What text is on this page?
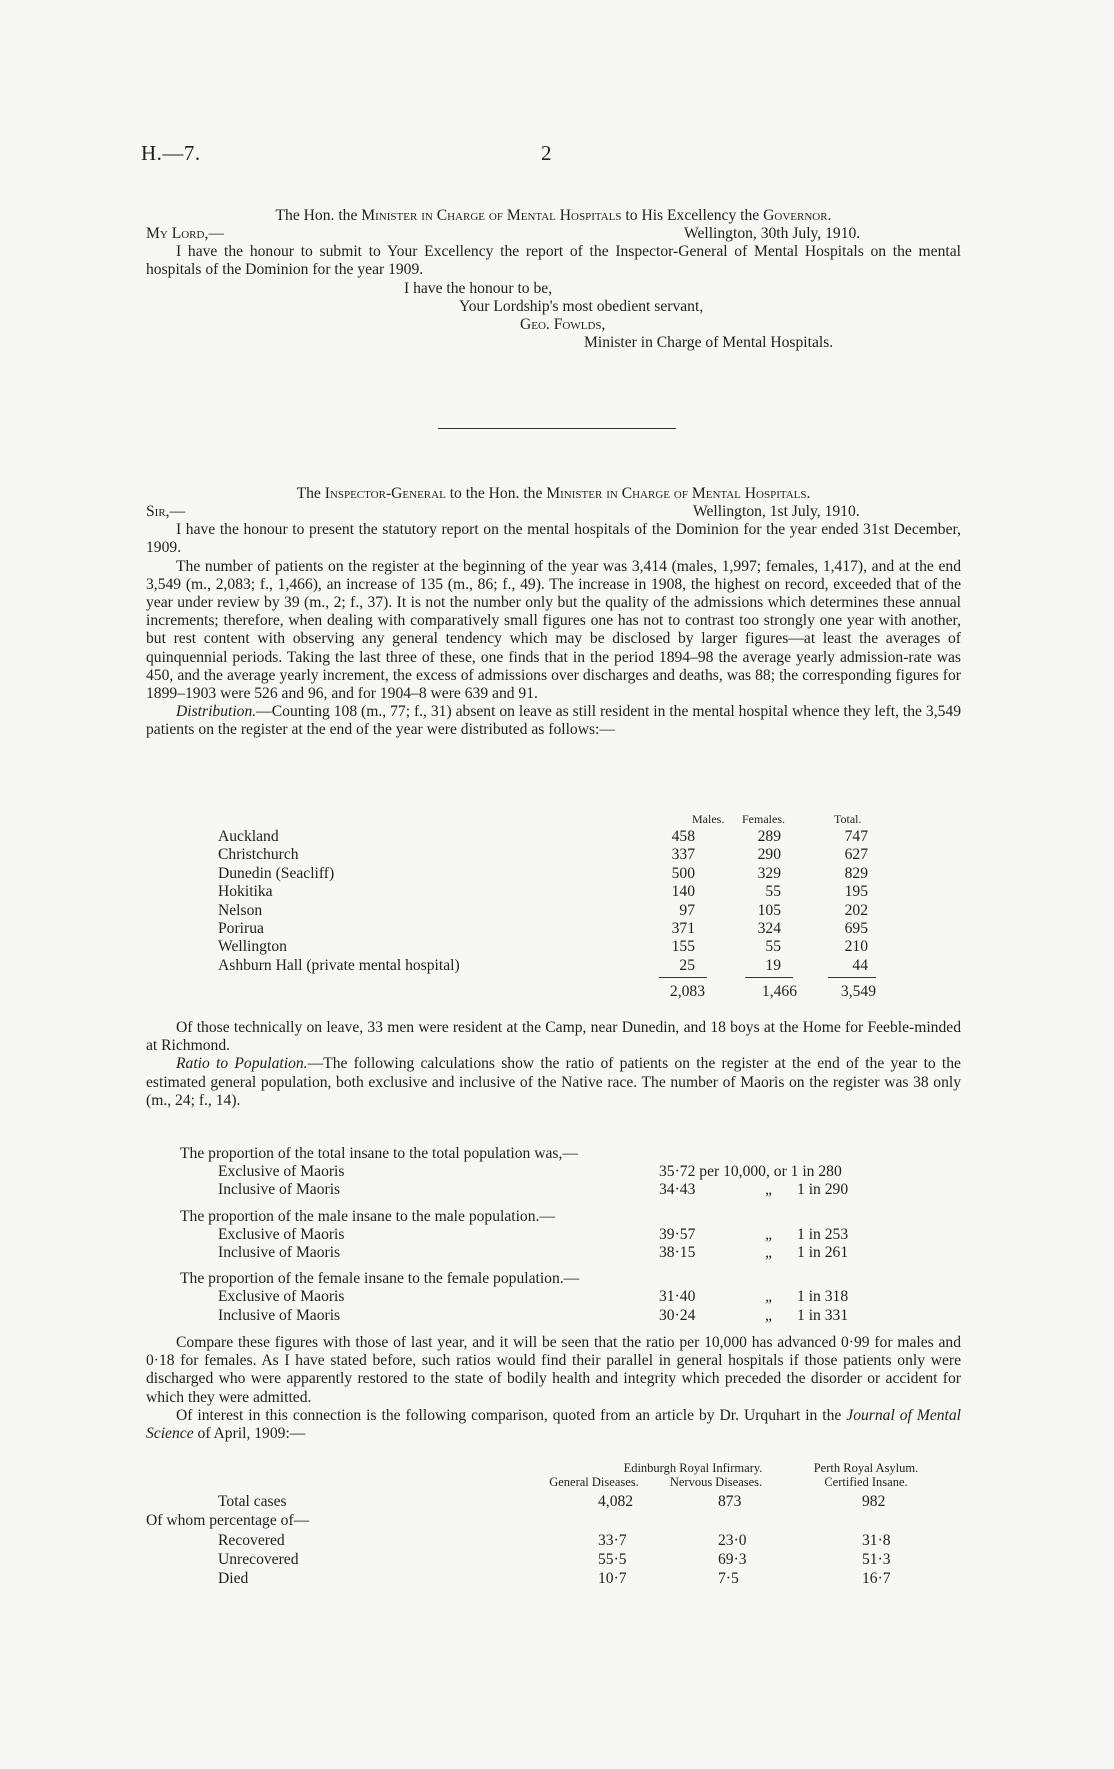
H.—7.	2
The Hon. the Minister in Charge of Mental Hospitals to His Excellency the Governor.
My Lord,—	Wellington, 30th July, 1910.

I have the honour to submit to Your Excellency the report of the Inspector-General of Mental Hospitals on the mental hospitals of the Dominion for the year 1909.

I have the honour to be,
Your Lordship's most obedient servant,
Geo. Fowlds,
Minister in Charge of Mental Hospitals.
The Inspector-General to the Hon. the Minister in Charge of Mental Hospitals.
Sir,—	Wellington, 1st July, 1910.

I have the honour to present the statutory report on the mental hospitals of the Dominion for the year ended 31st December, 1909.

The number of patients on the register at the beginning of the year was 3,414 (males, 1,997; females, 1,417), and at the end 3,549 (m., 2,083; f., 1,466), an increase of 135 (m., 86; f., 49). The increase in 1908, the highest on record, exceeded that of the year under review by 39 (m., 2; f., 37). It is not the number only but the quality of the admissions which determines these annual increments; therefore, when dealing with comparatively small figures one has not to contrast too strongly one year with another, but rest content with observing any general tendency which may be disclosed by larger figures—at least the averages of quinquennial periods. Taking the last three of these, one finds that in the period 1894–98 the average yearly admission-rate was 450, and the average yearly increment, the excess of admissions over discharges and deaths, was 88; the corresponding figures for 1899–1903 were 526 and 96, and for 1904–8 were 639 and 91.

Distribution.—Counting 108 (m., 77; f., 31) absent on leave as still resident in the mental hospital whence they left, the 3,549 patients on the register at the end of the year were distributed as follows:—

Males. Females.	Total.
Auckland	458	289	747
Christchurch	337	290	627
Dunedin (Seacliff)	500	329	829
Hokitika	140	55	195
Nelson	97	105	202
Porirua	371	324	695
Wellington	155	55	210
Ashburn Hall (private mental hospital)	25	19	44
2,083	1,466	3,549

Of those technically on leave, 33 men were resident at the Camp, near Dunedin, and 18 boys at the Home for Feeble-minded at Richmond.

Ratio to Population.—The following calculations show the ratio of patients on the register at the end of the year to the estimated general population, both exclusive and inclusive of the Native race. The number of Maoris on the register was 38 only (m., 24; f., 14).

The proportion of the total insane to the total population was,—
Exclusive of Maoris	35·72 per 10,000, or 1 in 280
Inclusive of Maoris	34·43	„ 1 in 290
The proportion of the male insane to the male population.—
Exclusive of Maoris	39·57	„ 1 in 253
Inclusive of Maoris	38·15	„ 1 in 261
The proportion of the female insane to the female population.—
Exclusive of Maoris	31·40	„ 1 in 318
Inclusive of Maoris	30·24	„ 1 in 331

Compare these figures with those of last year, and it will be seen that the ratio per 10,000 has advanced 0·99 for males and 0·18 for females. As I have stated before, such ratios would find their parallel in general hospitals if those patients only were discharged who were apparently restored to the state of bodily health and integrity which preceded the disorder or accident for which they were admitted.

Of interest in this connection is the following comparison, quoted from an article by Dr. Urquhart in the Journal of Mental Science of April, 1909:—

Edinburgh Royal Infirmary.
General Diseases.	Nervous Diseases.
Perth Royal Asylum.
Certified Insane.
Total cases	4,082	873	982
Of whom percentage of—
Recovered	33·7	23·0	31·8
Unrecovered	55·5	69·3	51·3
Died	10·7	7·5	16·7
